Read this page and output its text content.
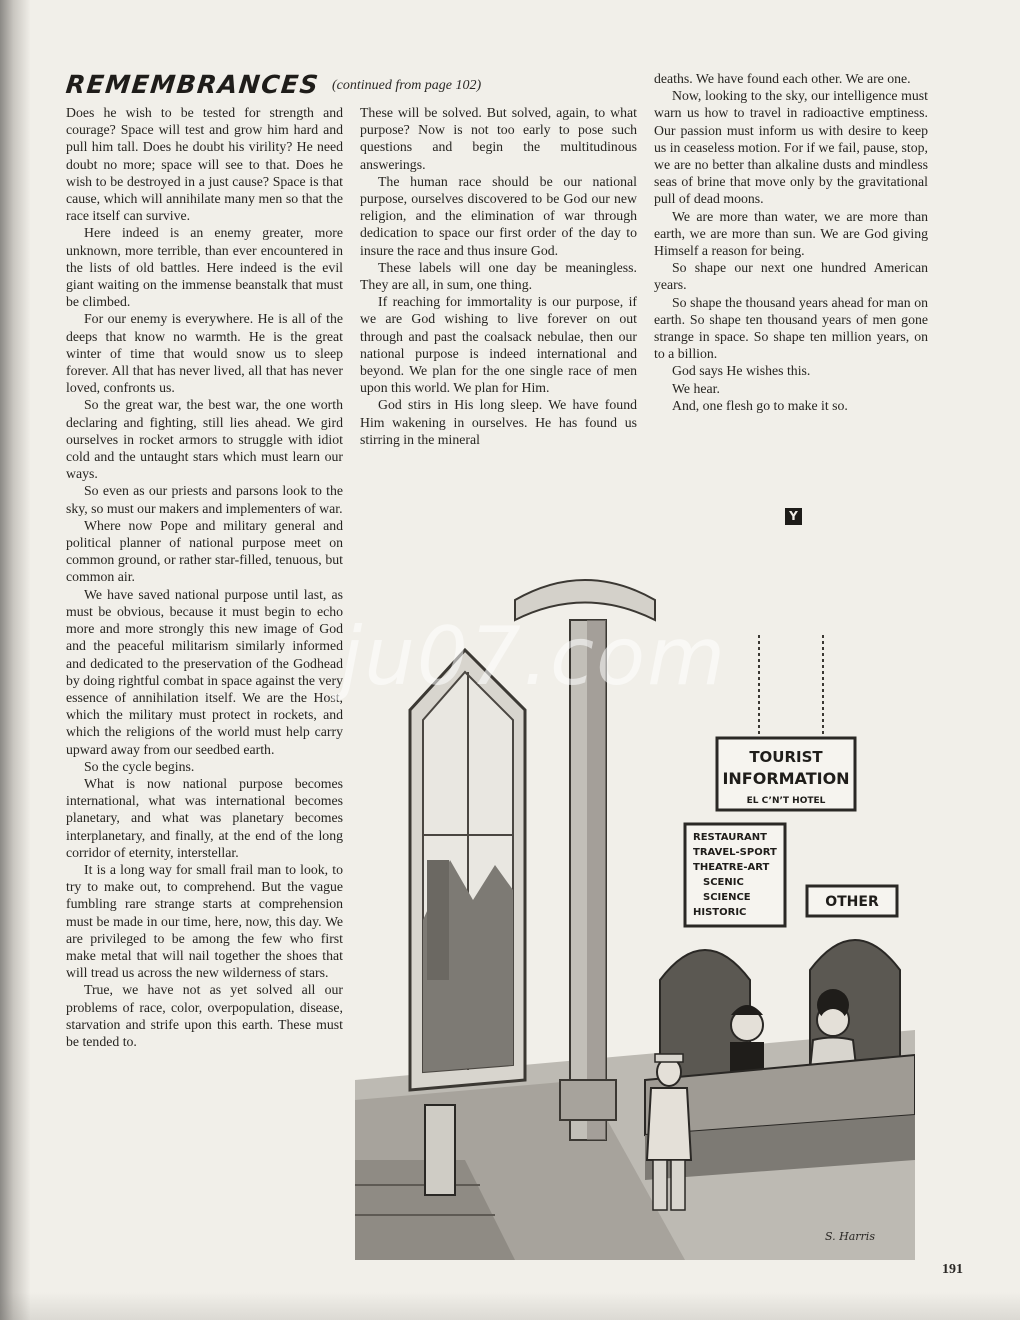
REMEMBRANCES (continued from page 102)

Does he wish to be tested for strength and courage? Space will test and grow him hard and pull him tall. Does he doubt his virility? He need doubt no more; space will see to that. Does he wish to be destroyed in a just cause? Space is that cause, which will annihilate many men so that the race itself can survive.

Here indeed is an enemy greater, more unknown, more terrible, than ever encountered in the lists of old battles. Here indeed is the evil giant waiting on the immense beanstalk that must be climbed.

For our enemy is everywhere. He is all of the deeps that know no warmth. He is the great winter of time that would snow us to sleep forever. All that has never lived, all that has never loved, confronts us.

So the great war, the best war, the one worth declaring and fighting, still lies ahead. We gird ourselves in rocket armors to struggle with idiot cold and the untaught stars which must learn our ways.

So even as our priests and parsons look to the sky, so must our makers and implementers of war.

Where now Pope and military general and political planner of national purpose meet on common ground, or rather star-filled, tenuous, but common air.

We have saved national purpose until last, as must be obvious, because it must begin to echo more and more strongly this new image of God and the peaceful militarism similarly informed and dedicated to the preservation of the Godhead by doing rightful combat in space against the very essence of annihilation itself. We are the Host, which the military must protect in rockets, and which the religions of the world must help carry upward away from our seedbed earth.

So the cycle begins.

What is now national purpose becomes international, what was international becomes planetary, and what was planetary becomes interplanetary, and finally, at the end of the long corridor of eternity, interstellar.

It is a long way for small frail man to look, to try to make out, to comprehend. But the vague fumbling rare strange starts at comprehension must be made in our time, here, now, this day. We are privileged to be among the few who first make metal that will nail together the shoes that will tread us across the new wilderness of stars.

True, we have not as yet solved all our problems of race, color, overpopulation, disease, starvation and strife upon this earth. These must be tended to.

These will be solved. But solved, again, to what purpose? Now is not too early to pose such questions and begin the multitudinous answerings.

The human race should be our national purpose, ourselves discovered to be God our new religion, and the elimination of war through dedication to space our first order of the day to insure the race and thus insure God.

These labels will one day be meaningless. They are all, in sum, one thing.

If reaching for immortality is our purpose, if we are God wishing to live forever on out through and past the coalsack nebulae, then our national purpose is indeed international and beyond. We plan for the one single race of men upon this world. We plan for Him.

God stirs in His long sleep. We have found Him wakening in ourselves. He has found us stirring in the mineral

deaths. We have found each other. We are one.

Now, looking to the sky, our intelligence must warn us how to travel in radioactive emptiness. Our passion must inform us with desire to keep us in ceaseless motion. For if we fail, pause, stop, we are no better than alkaline dusts and mindless seas of brine that move only by the gravitational pull of dead moons.

We are more than water, we are more than earth, we are more than sun. We are God giving Himself a reason for being.

So shape our next one hundred American years.

So shape the thousand years ahead for man on earth. So shape ten thousand years of men gone strange in space. So shape ten million years, on to a billion.

God says He wishes this.

We hear.

And, one flesh go to make it so.

Y
TOURIST
INFORMATION
EL C’N’T HOTEL
RESTAURANT
TRAVEL-SPORT
THEATRE-ART
SCENIC
SCIENCE
HISTORIC
OTHER
S. Harris
ju07.com
191
